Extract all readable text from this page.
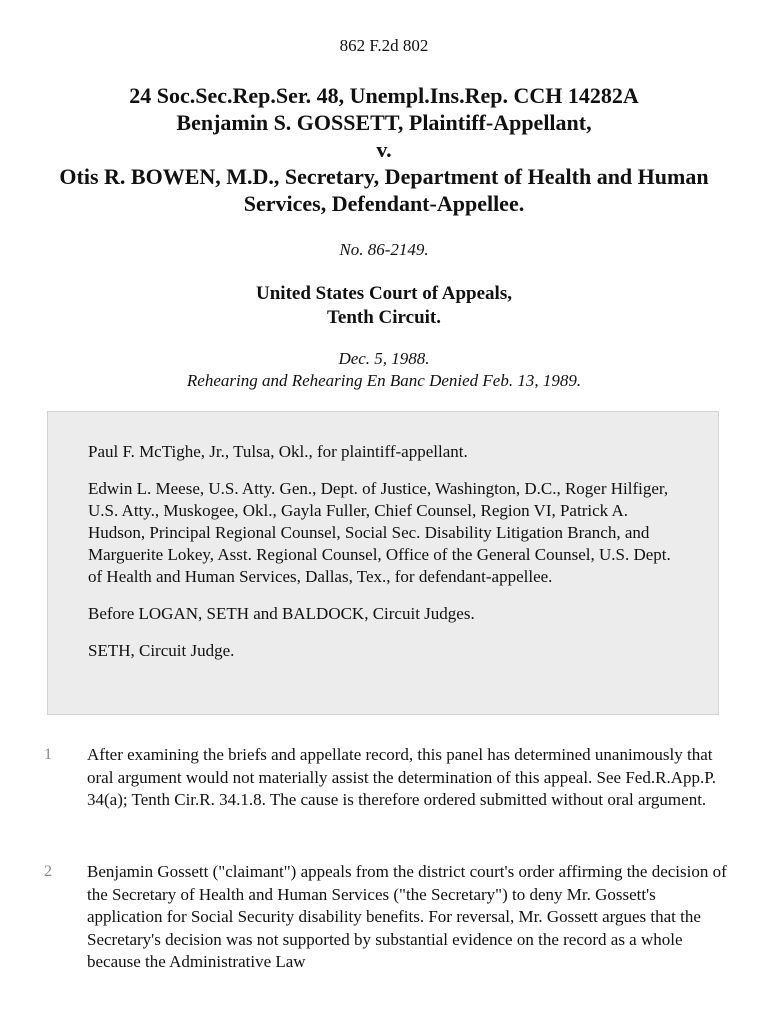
862 F.2d 802
24 Soc.Sec.Rep.Ser. 48, Unempl.Ins.Rep. CCH 14282A
Benjamin S. GOSSETT, Plaintiff-Appellant,
v.
Otis R. BOWEN, M.D., Secretary, Department of Health and Human Services, Defendant-Appellee.
No. 86-2149.
United States Court of Appeals,
Tenth Circuit.
Dec. 5, 1988.
Rehearing and Rehearing En Banc Denied Feb. 13, 1989.

Paul F. McTighe, Jr., Tulsa, Okl., for plaintiff-appellant.

Edwin L. Meese, U.S. Atty. Gen., Dept. of Justice, Washington, D.C., Roger Hilfiger, U.S. Atty., Muskogee, Okl., Gayla Fuller, Chief Counsel, Region VI, Patrick A. Hudson, Principal Regional Counsel, Social Sec. Disability Litigation Branch, and Marguerite Lokey, Asst. Regional Counsel, Office of the General Counsel, U.S. Dept. of Health and Human Services, Dallas, Tex., for defendant-appellee.

Before LOGAN, SETH and BALDOCK, Circuit Judges.

SETH, Circuit Judge.

1 After examining the briefs and appellate record, this panel has determined unanimously that oral argument would not materially assist the determination of this appeal. See Fed.R.App.P. 34(a); Tenth Cir.R. 34.1.8. The cause is therefore ordered submitted without oral argument.
2 Benjamin Gossett ("claimant") appeals from the district court's order affirming the decision of the Secretary of Health and Human Services ("the Secretary") to deny Mr. Gossett's application for Social Security disability benefits. For reversal, Mr. Gossett argues that the Secretary's decision was not supported by substantial evidence on the record as a whole because the Administrative Law
